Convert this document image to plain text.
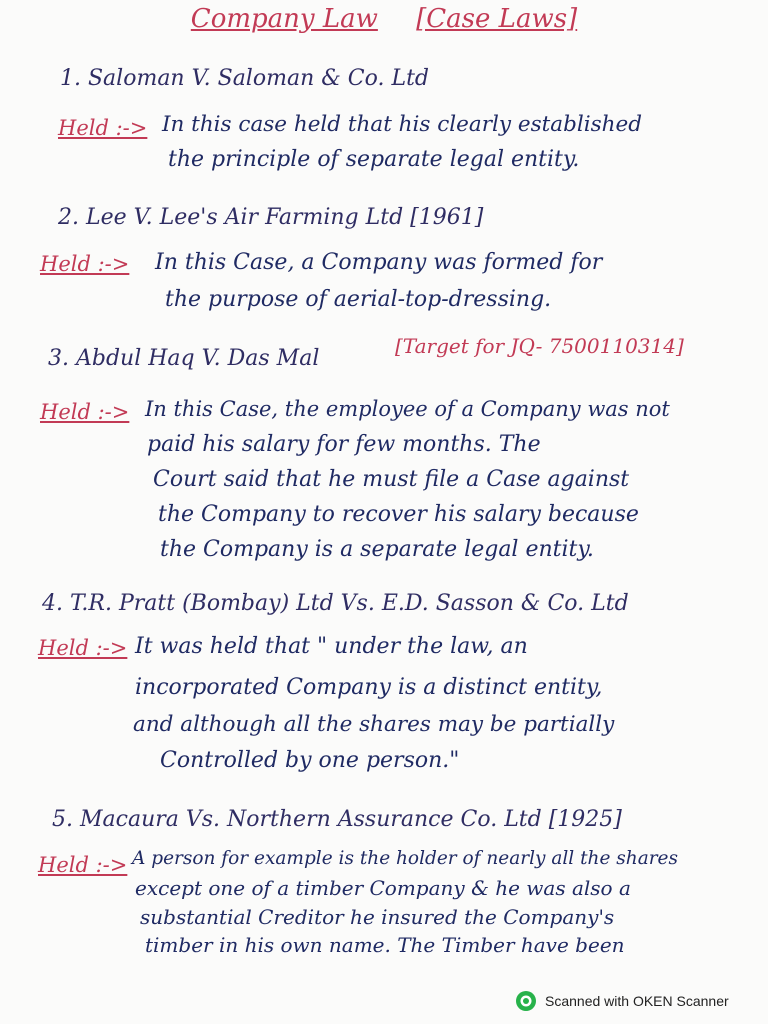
Company Law [Case Laws]
1. Saloman V. Saloman & Co. Ltd
Held :-> In this case held that his clearly established
the principle of separate legal entity.
2. Lee V. Lee's Air Farming Ltd [1961]
Held :-> In this Case, a Company was formed for
the purpose of aerial-top-dressing.
3. Abdul Haq V. Das Mal	[Target for JQ- 7500110314]
Held :-> In this Case, the employee of a Company was not
paid his salary for few months. The
Court said that he must file a Case against
the Company to recover his salary because
the Company is a separate legal entity.
4. T.R. Pratt (Bombay) Ltd Vs. E.D. Sasson & Co. Ltd
Held :-> It was held that " under the law, an
incorporated Company is a distinct entity,
and although all the shares may be partially
Controlled by one person."
5. Macaura Vs. Northern Assurance Co. Ltd [1925]
Held :-> A person for example is the holder of nearly all the shares
except one of a timber Company & he was also a
substantial Creditor he insured the Company's
timber in his own name. The Timber have been
Scanned with OKEN Scanner
